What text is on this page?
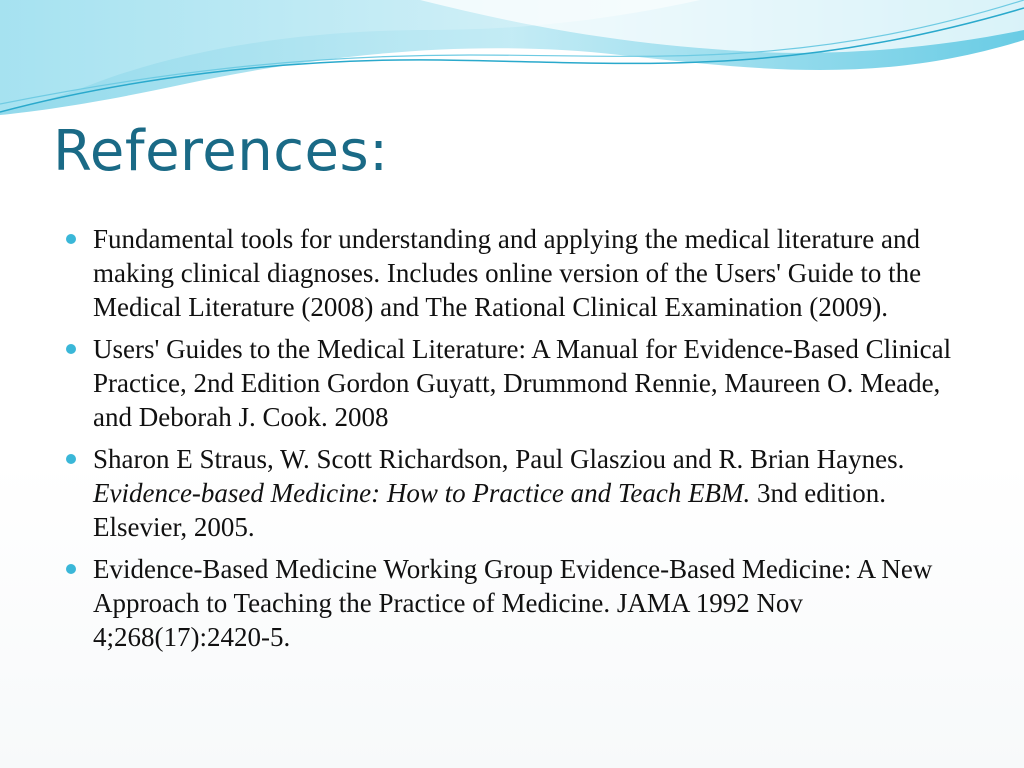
References:
Fundamental tools for understanding and applying the medical literature and making clinical diagnoses. Includes online version of the Users' Guide to the Medical Literature (2008) and The Rational Clinical Examination (2009).
Users' Guides to the Medical Literature: A Manual for Evidence-Based Clinical Practice, 2nd Edition Gordon Guyatt, Drummond Rennie, Maureen O. Meade, and Deborah J. Cook. 2008
Sharon E Straus, W. Scott Richardson, Paul Glasziou and R. Brian Haynes. Evidence-based Medicine: How to Practice and Teach EBM. 3nd edition. Elsevier, 2005.
Evidence-Based Medicine Working Group Evidence-Based Medicine: A New Approach to Teaching the Practice of Medicine. JAMA 1992 Nov 4;268(17):2420-5.
